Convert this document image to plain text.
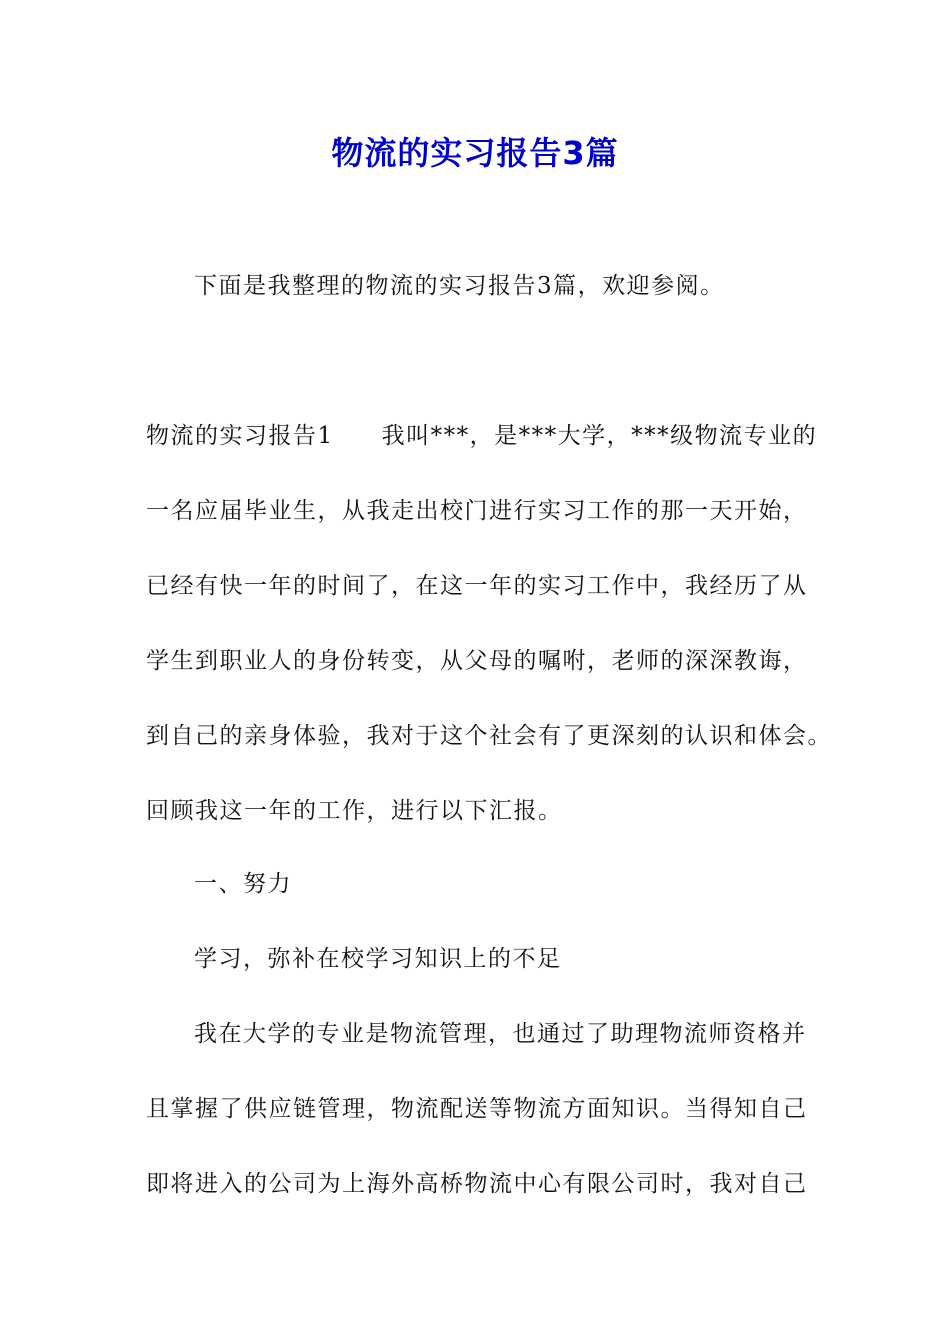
物流的实习报告3篇

下面是我整理的物流的实习报告3篇，欢迎参阅。

物流的实习报告1 我叫***，是***大学，***级物流专业的

一名应届毕业生，从我走出校门进行实习工作的那一天开始，

已经有快一年的时间了，在这一年的实习工作中，我经历了从

学生到职业人的身份转变，从父母的嘱咐，老师的深深教诲，

到自己的亲身体验，我对于这个社会有了更深刻的认识和体会。

回顾我这一年的工作，进行以下汇报。

一、努力

学习，弥补在校学习知识上的不足

我在大学的专业是物流管理，也通过了助理物流师资格并

且掌握了供应链管理，物流配送等物流方面知识。当得知自己

即将进入的公司为上海外高桥物流中心有限公司时，我对自己
